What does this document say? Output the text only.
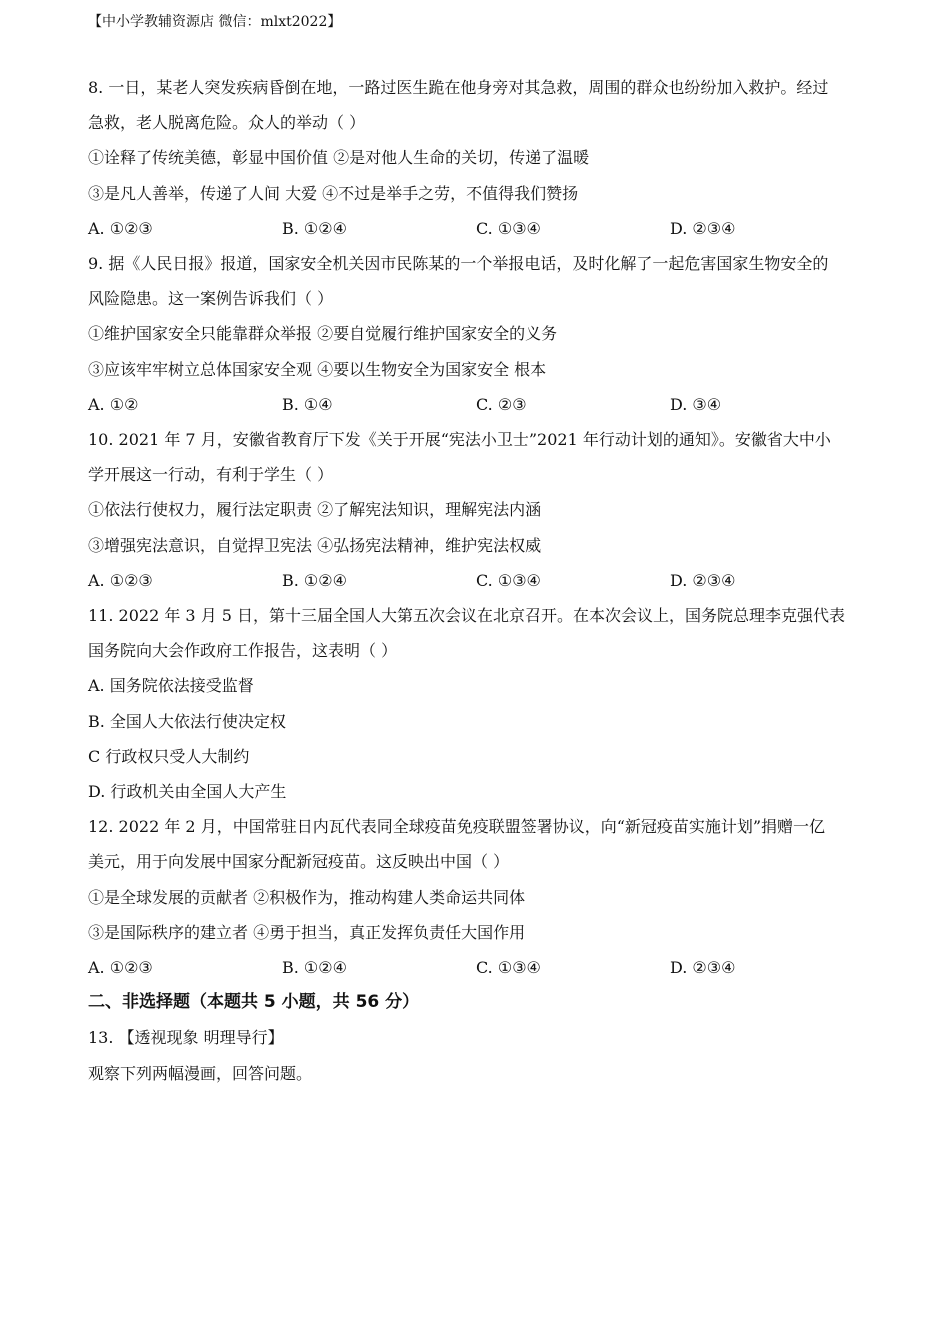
【中小学教辅资源店 微信：mlxt2022】
8. 一日，某老人突发疾病昏倒在地，一路过医生跪在他身旁对其急救，周围的群众也纷纷加入救护。经过
急救，老人脱离危险。众人的举动（ ）
①诠释了传统美德，彰显中国价值 ②是对他人生命的关切，传递了温暖
③是凡人善举，传递了人间 大爱 ④不过是举手之劳，不值得我们赞扬
A. ①②③	B. ①②④	C. ①③④	D. ②③④
9. 据《人民日报》报道，国家安全机关因市民陈某的一个举报电话，及时化解了一起危害国家生物安全的
风险隐患。这一案例告诉我们（ ）
①维护国家安全只能靠群众举报 ②要自觉履行维护国家安全的义务
③应该牢牢树立总体国家安全观 ④要以生物安全为国家安全 根本
A. ①②	B. ①④	C. ②③	D. ③④
10. 2021 年 7 月，安徽省教育厅下发《关于开展“宪法小卫士”2021 年行动计划的通知》。安徽省大中小
学开展这一行动，有利于学生（ ）
①依法行使权力，履行法定职责 ②了解宪法知识，理解宪法内涵
③增强宪法意识，自觉捍卫宪法 ④弘扬宪法精神，维护宪法权威
A. ①②③	B. ①②④	C. ①③④	D. ②③④
11. 2022 年 3 月 5 日，第十三届全国人大第五次会议在北京召开。在本次会议上，国务院总理李克强代表
国务院向大会作政府工作报告，这表明（ ）
A. 国务院依法接受监督
B. 全国人大依法行使决定权
C 行政权只受人大制约
D. 行政机关由全国人大产生
12. 2022 年 2 月，中国常驻日内瓦代表同全球疫苗免疫联盟签署协议，向“新冠疫苗实施计划”捐赠一亿
美元，用于向发展中国家分配新冠疫苗。这反映出中国（ ）
①是全球发展的贡献者 ②积极作为，推动构建人类命运共同体
③是国际秩序的建立者 ④勇于担当，真正发挥负责任大国作用
A. ①②③	B. ①②④	C. ①③④	D. ②③④
二、非选择题（本题共 5 小题，共 56 分）
13. 【透视现象 明理导行】
观察下列两幅漫画，回答问题。
